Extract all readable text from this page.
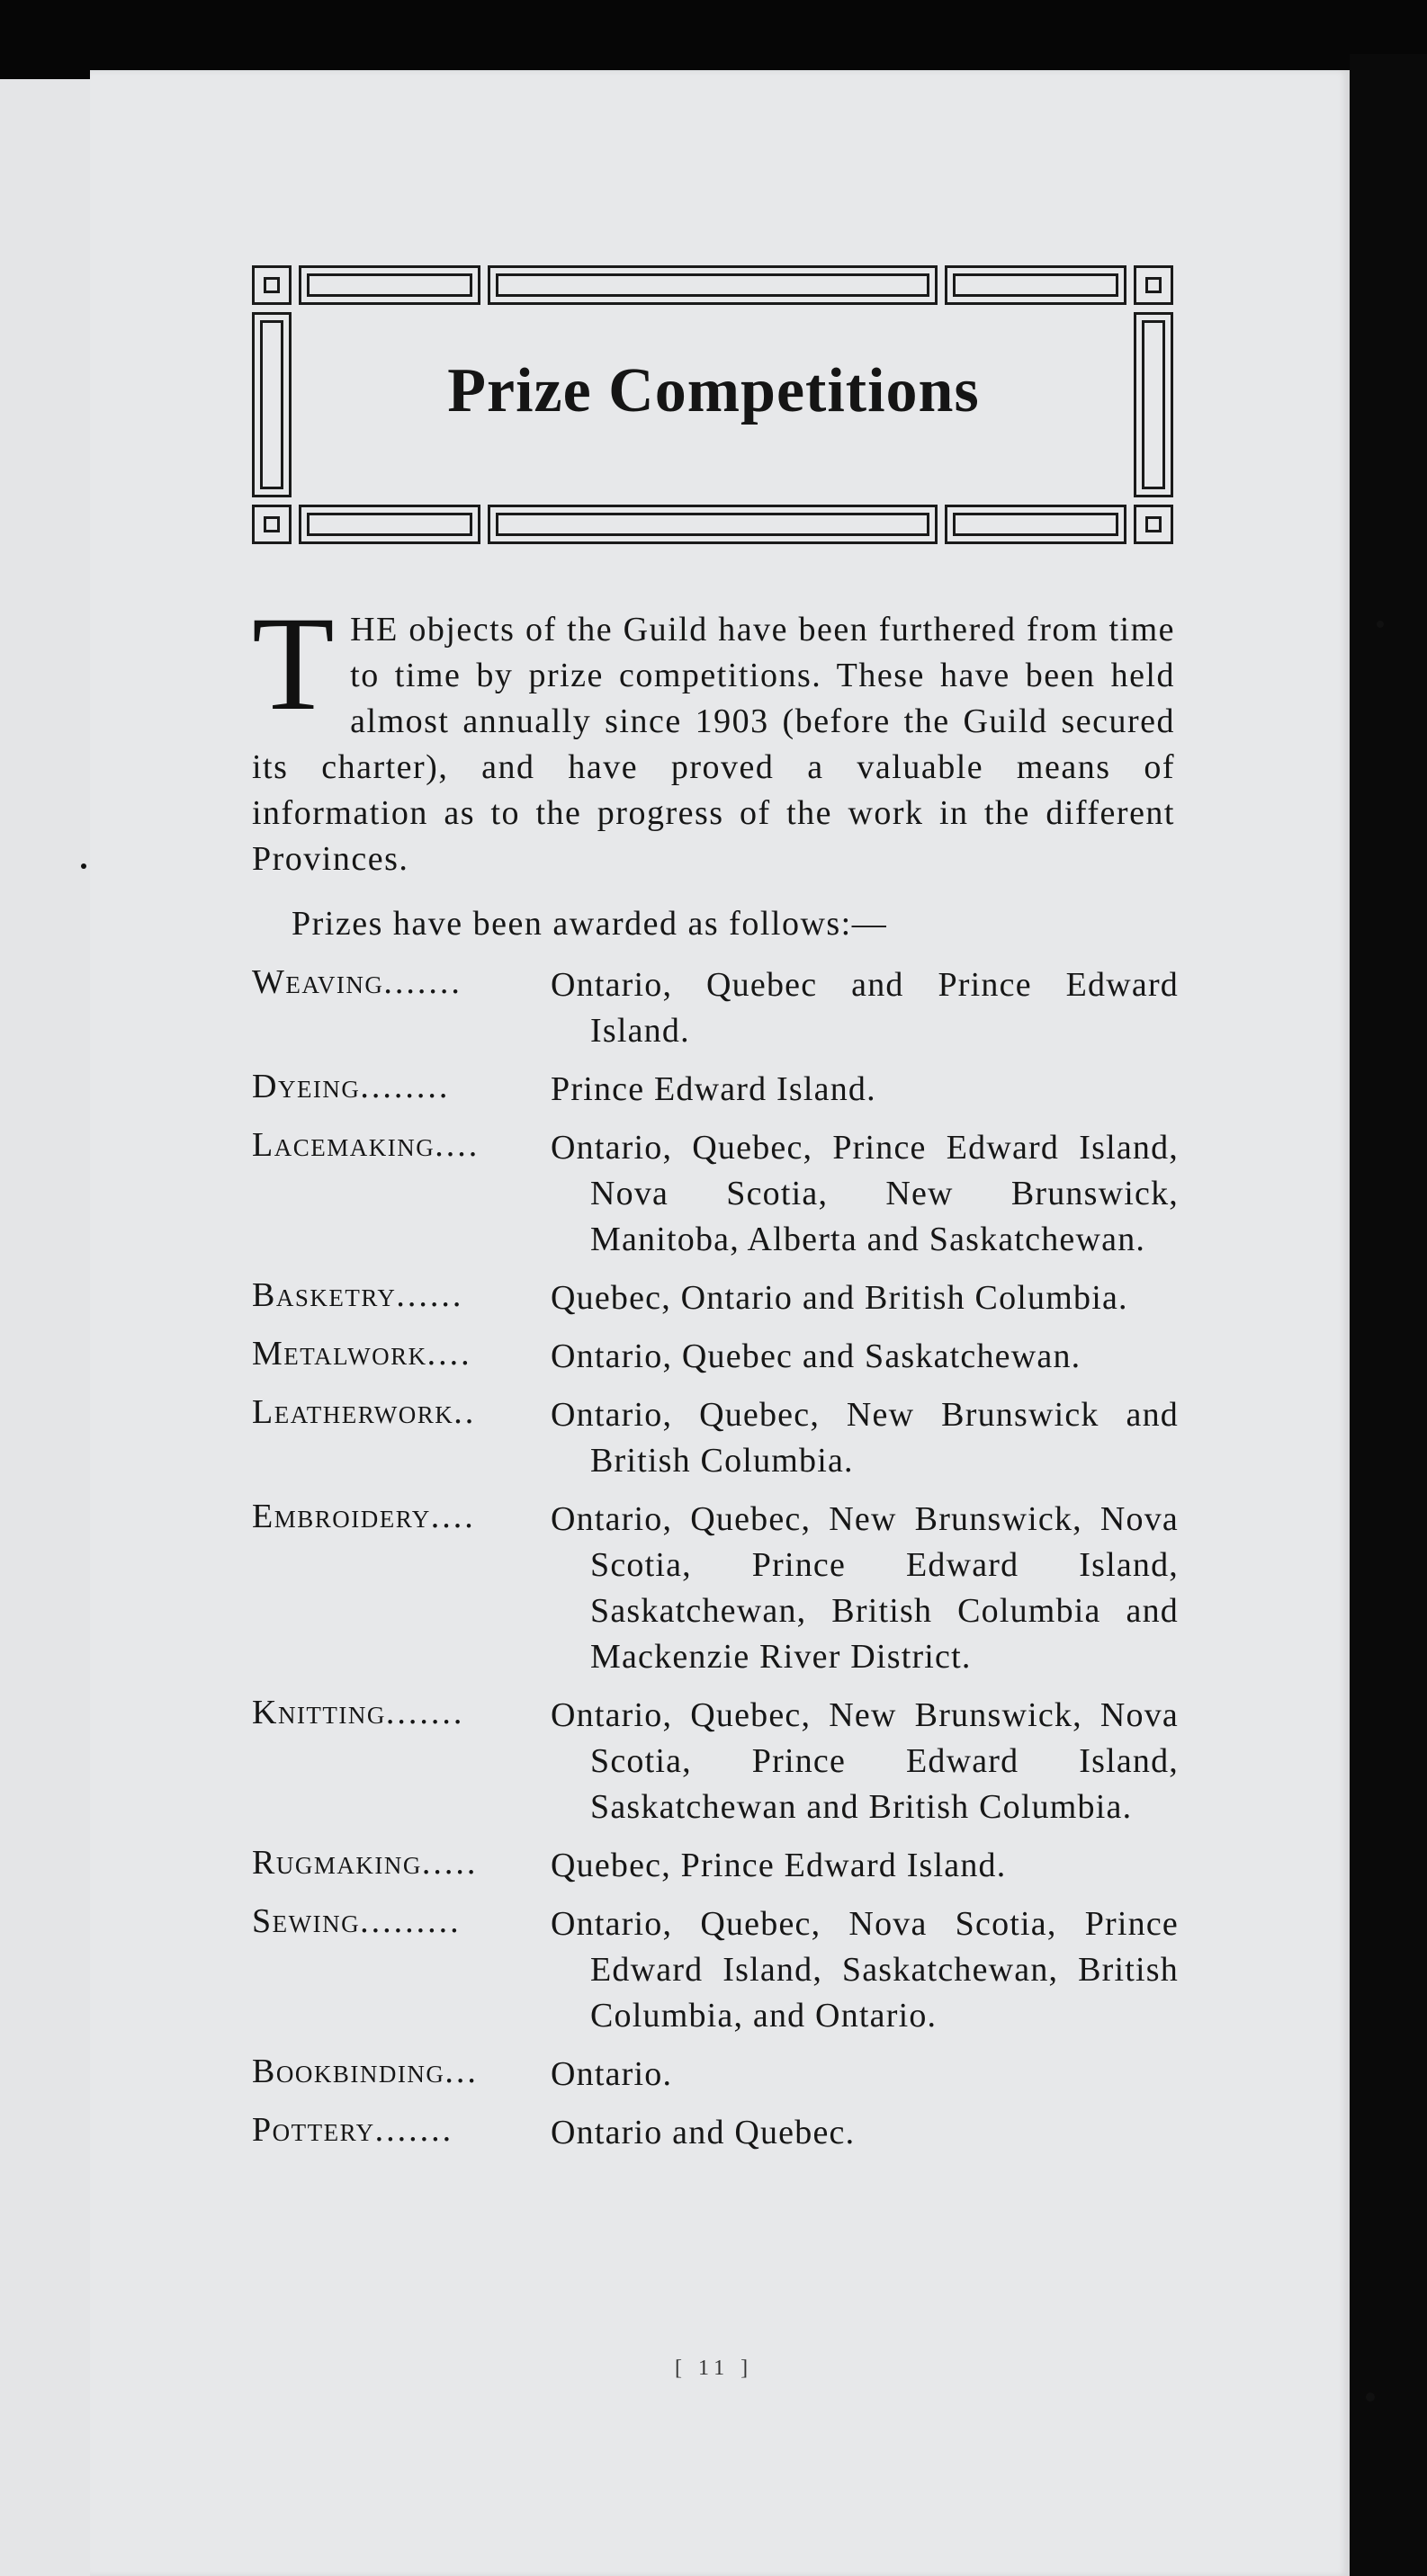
Prize Competitions
THE objects of the Guild have been furthered from time to time by prize competitions. These have been held almost annually since 1903 (before the Guild secured its charter), and have proved a valuable means of information as to the progress of the work in the different Provinces.
Prizes have been awarded as follows:—
Weaving.......	Ontario, Quebec and Prince Edward Island.
Dyeing........	Prince Edward Island.
Lacemaking....	Ontario, Quebec, Prince Edward Island, Nova Scotia, New Brunswick, Manitoba, Alberta and Saskatchewan.
Basketry......	Quebec, Ontario and British Columbia.
Metalwork....	Ontario, Quebec and Saskatchewan.
Leatherwork..	Ontario, Quebec, New Brunswick and British Columbia.
Embroidery....	Ontario, Quebec, New Brunswick, Nova Scotia, Prince Edward Island, Saskatchewan, British Columbia and Mackenzie River District.
Knitting.......	Ontario, Quebec, New Brunswick, Nova Scotia, Prince Edward Island, Saskatchewan and British Columbia.
Rugmaking.....	Quebec, Prince Edward Island.
Sewing.........	Ontario, Quebec, Nova Scotia, Prince Edward Island, Saskatchewan, British Columbia, and Ontario.
Bookbinding...	Ontario.
Pottery.......	Ontario and Quebec.
[ 11 ]
